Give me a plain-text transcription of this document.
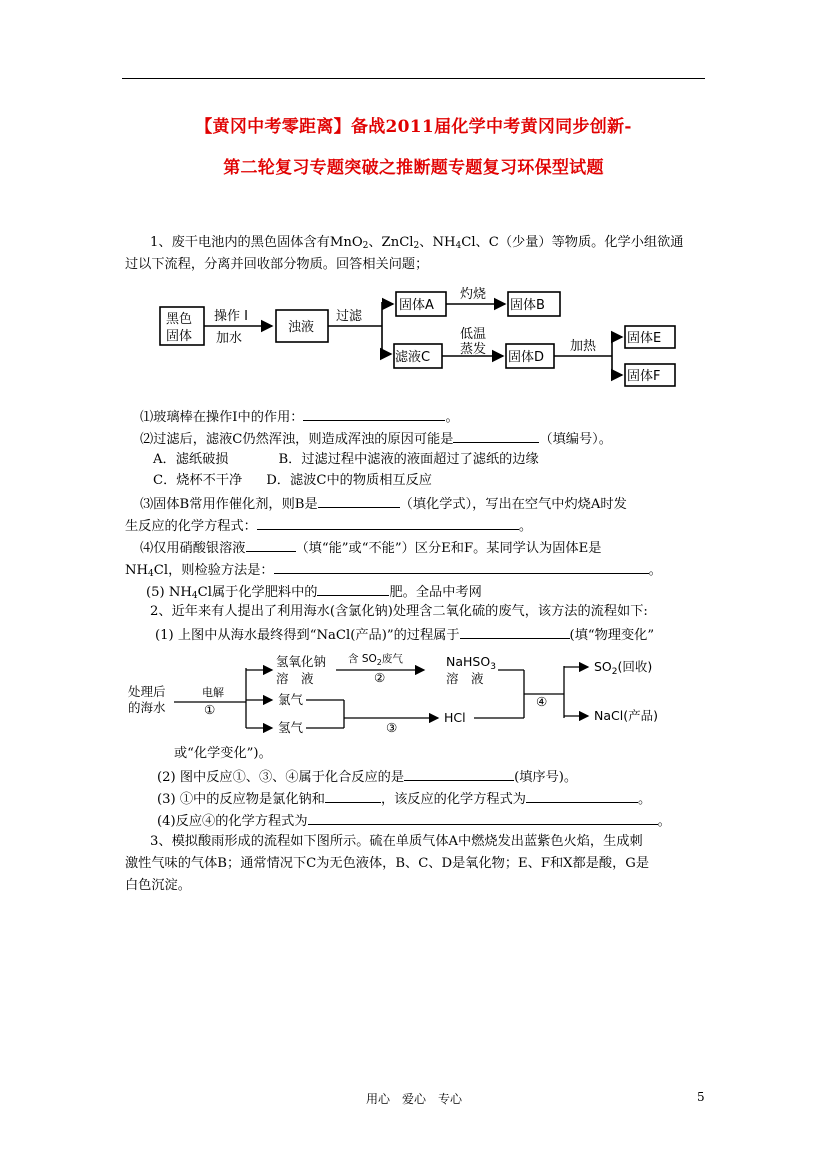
【黄冈中考零距离】备战2011届化学中考黄冈同步创新-
第二轮复习专题突破之推断题专题复习环保型试题
1、废干电池内的黑色固体含有MnO$_2$、ZnCl$_2$、$NH_4Cl$、C（少量）等物质。化学小组欲通
过以下流程，分离并回收部分物质。回答相关问题；
黑色
固体
操作 I
加水
浊液
过滤
固体A
灼烧
固体B
滤液C
低温
蒸发
固体D
加热
固体E
固体F
⑴玻璃棒在操作Ⅰ中的作用：	。
⑵过滤后，滤液C仍然浑浊，则造成浑浊的原因可能是	（填编号）。
A．滤纸破损	B．过滤过程中滤液的液面超过了滤纸的边缘
C．烧杯不干净 D．滤波C中的物质相互反应
⑶固体B常用作催化剂，则B是	（填化学式），写出在空气中灼烧A时发
生反应的化学方程式：	。
⑷仅用硝酸银溶液	（填“能”或“不能”）区分E和F。某同学认为固体E是
$NH_4Cl$，则检验方法是：	。
(5) $NH_4Cl$属于化学肥料中的	肥。全品中考网
2、近年来有人提出了利用海水(含氯化钠)处理含二氧化硫的废气，该方法的流程如下:
(1) 上图中从海水最终得到“NaCl(产品)”的过程属于	(填“物理变化”
处理后
的海水
电解
①
氢氧化钠
溶　液
含 $SO_2$废气
②
NaHSO$_3$
溶　液
氯气
氢气	③
HCl
④
$SO_2$(回收)
NaCl(产品)
或“化学变化”)。
(2) 图中反应①、③、④属于化合反应的是	(填序号)。
(3) ①中的反应物是氯化钠和	，该反应的化学方程式为	。
(4)反应④的化学方程式为	。
3、模拟酸雨形成的流程如下图所示。硫在单质气体A中燃烧发出蓝紫色火焰，生成刺
激性气味的气体B；通常情况下C为无色液体，B、C、D是氧化物；E、F和X都是酸，G是
白色沉淀。
用心　爱心　专心	5
